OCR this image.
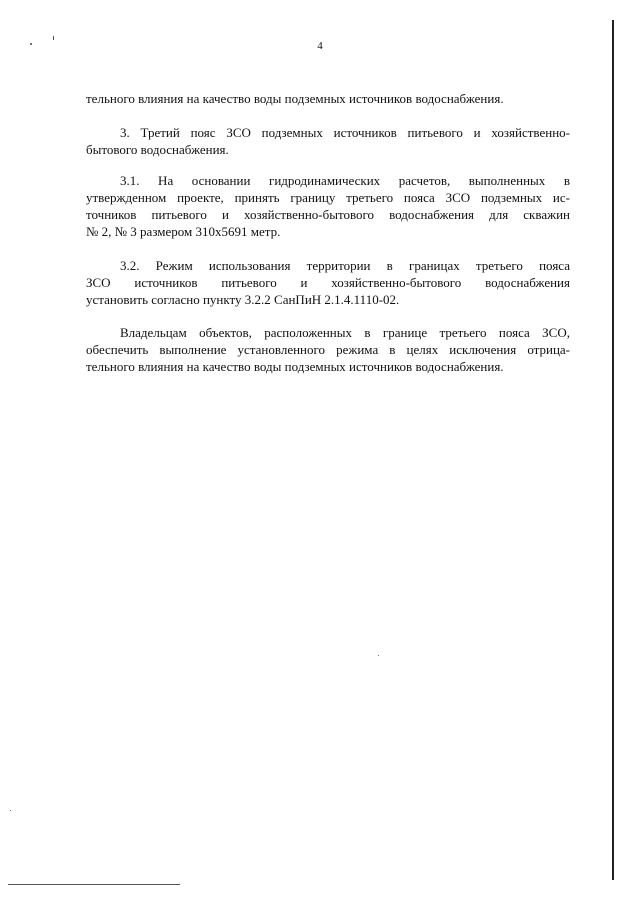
4
тельного влияния на качество воды подземных источников водоснабжения.
3. Третий пояс ЗСО подземных источников питьевого и хозяйственно-
бытового водоснабжения.
3.1. На основании гидродинамических расчетов, выполненных в
утвержденном проекте, принять границу третьего пояса ЗСО подземных ис-
точников питьевого и хозяйственно-бытового водоснабжения для скважин
№ 2, № 3 размером 310х5691 метр.
3.2. Режим использования территории в границах третьего пояса
ЗСО источников питьевого и хозяйственно-бытового водоснабжения
установить согласно пункту 3.2.2 СанПиН 2.1.4.1110-02.
Владельцам объектов, расположенных в границе третьего пояса ЗСО,
обеспечить выполнение установленного режима в целях исключения отрица-
тельного влияния на качество воды подземных источников водоснабжения.
